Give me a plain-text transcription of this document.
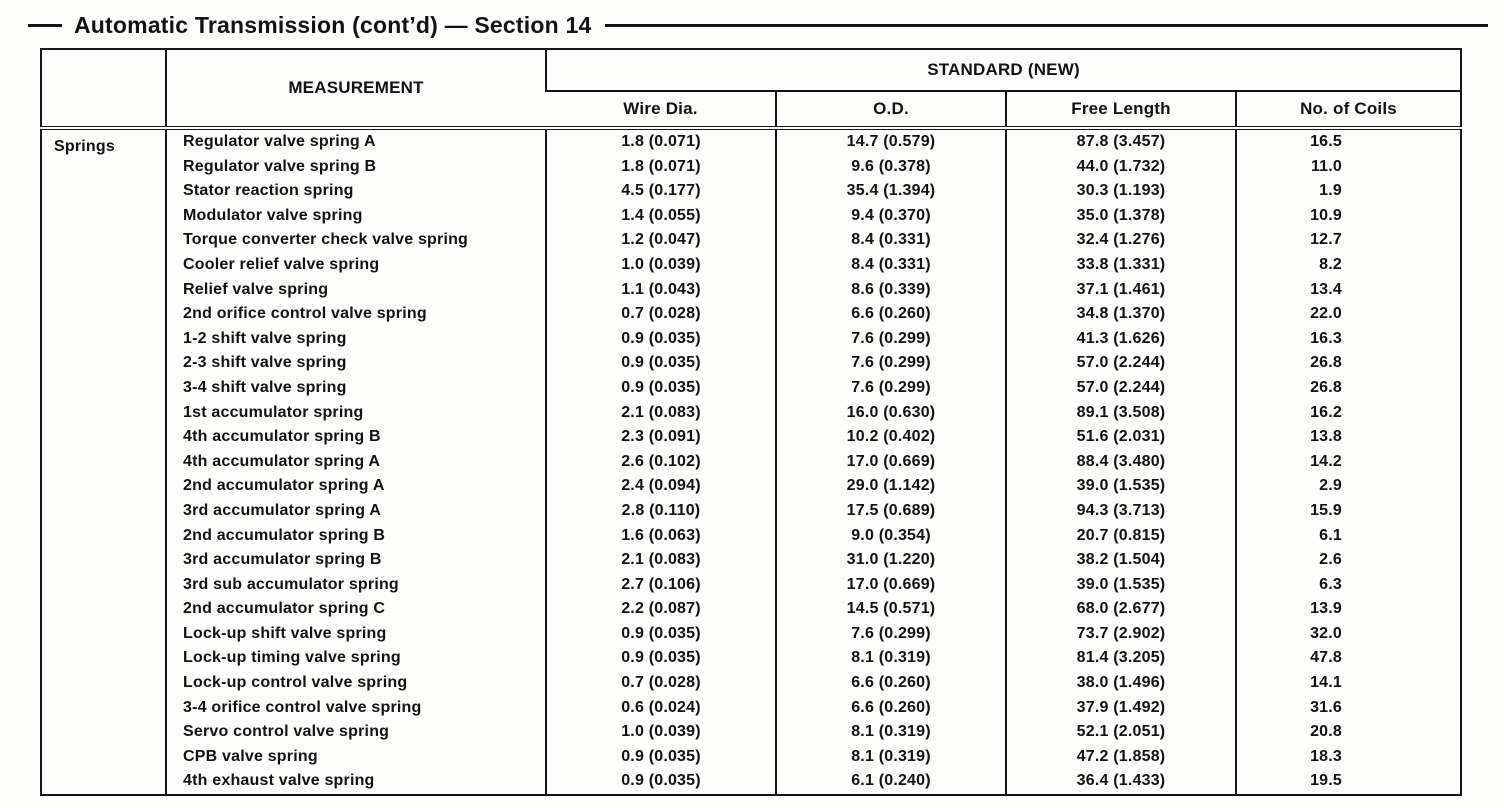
Automatic Transmission (cont’d) — Section 14
	MEASUREMENT	STANDARD (NEW)			
		Wire Dia.	O.D.	Free Length	No. of Coils
Springs	Regulator valve spring A	1.8 (0.071)	14.7 (0.579)	87.8 (3.457)	16.5
	Regulator valve spring B	1.8 (0.071)	9.6 (0.378)	44.0 (1.732)	11.0
	Stator reaction spring	4.5 (0.177)	35.4 (1.394)	30.3 (1.193)	1.9
	Modulator valve spring	1.4 (0.055)	9.4 (0.370)	35.0 (1.378)	10.9
	Torque converter check valve spring	1.2 (0.047)	8.4 (0.331)	32.4 (1.276)	12.7
	Cooler relief valve spring	1.0 (0.039)	8.4 (0.331)	33.8 (1.331)	8.2
	Relief valve spring	1.1 (0.043)	8.6 (0.339)	37.1 (1.461)	13.4
	2nd orifice control valve spring	0.7 (0.028)	6.6 (0.260)	34.8 (1.370)	22.0
	1-2 shift valve spring	0.9 (0.035)	7.6 (0.299)	41.3 (1.626)	16.3
	2-3 shift valve spring	0.9 (0.035)	7.6 (0.299)	57.0 (2.244)	26.8
	3-4 shift valve spring	0.9 (0.035)	7.6 (0.299)	57.0 (2.244)	26.8
	1st accumulator spring	2.1 (0.083)	16.0 (0.630)	89.1 (3.508)	16.2
	4th accumulator spring B	2.3 (0.091)	10.2 (0.402)	51.6 (2.031)	13.8
	4th accumulator spring A	2.6 (0.102)	17.0 (0.669)	88.4 (3.480)	14.2
	2nd accumulator spring A	2.4 (0.094)	29.0 (1.142)	39.0 (1.535)	2.9
	3rd accumulator spring A	2.8 (0.110)	17.5 (0.689)	94.3 (3.713)	15.9
	2nd accumulator spring B	1.6 (0.063)	9.0 (0.354)	20.7 (0.815)	6.1
	3rd accumulator spring B	2.1 (0.083)	31.0 (1.220)	38.2 (1.504)	2.6
	3rd sub accumulator spring	2.7 (0.106)	17.0 (0.669)	39.0 (1.535)	6.3
	2nd accumulator spring C	2.2 (0.087)	14.5 (0.571)	68.0 (2.677)	13.9
	Lock-up shift valve spring	0.9 (0.035)	7.6 (0.299)	73.7 (2.902)	32.0
	Lock-up timing valve spring	0.9 (0.035)	8.1 (0.319)	81.4 (3.205)	47.8
	Lock-up control valve spring	0.7 (0.028)	6.6 (0.260)	38.0 (1.496)	14.1
	3-4 orifice control valve spring	0.6 (0.024)	6.6 (0.260)	37.9 (1.492)	31.6
	Servo control valve spring	1.0 (0.039)	8.1 (0.319)	52.1 (2.051)	20.8
	CPB valve spring	0.9 (0.035)	8.1 (0.319)	47.2 (1.858)	18.3
	4th exhaust valve spring	0.9 (0.035)	6.1 (0.240)	36.4 (1.433)	19.5
